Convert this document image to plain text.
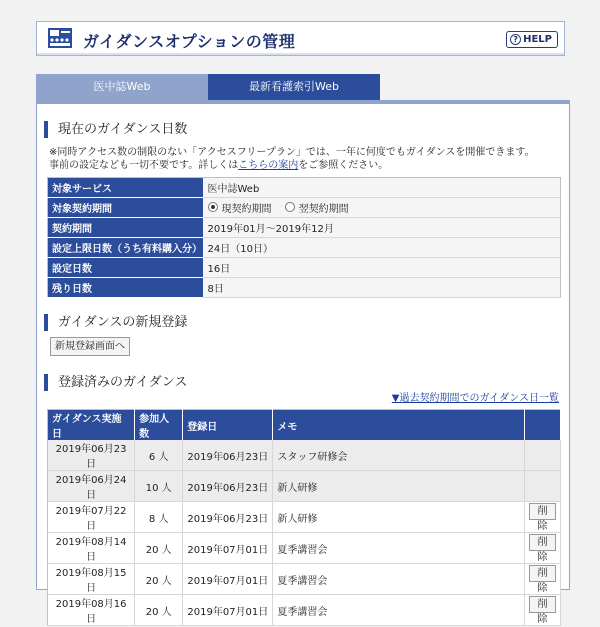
ガイダンスオプションの管理	? HELP
医中誌Web	最新看護索引Web
現在のガイダンス日数
※同時アクセス数の制限のない「アクセスフリープラン」では、一年に何度でもガイダンスを開催できます。
事前の設定なども一切不要です。詳しくはこちらの案内をご参照ください。
対象サービス	医中誌Web
対象契約期間	現契約期間
翌契約期間

契約期間	2019年01月～2019年12月
設定上限日数（うち有料購入分）	24日（10日）
設定日数	16日
残り日数	8日
ガイダンスの新規登録
新規登録画面へ
登録済みのガイダンス
▼過去契約期間でのガイダンス日一覧
ガイダンス実施日	参加人数	登録日	メモ	
2019年06月23日	6 人	2019年06月23日	スタッフ研修会	
2019年06月24日	10 人	2019年06月23日	新人研修	
2019年07月22日	8 人	2019年06月23日	新人研修	削除
2019年08月14日	20 人	2019年07月01日	夏季講習会	削除
2019年08月15日	20 人	2019年07月01日	夏季講習会	削除
2019年08月16日	20 人	2019年07月01日	夏季講習会	削除
